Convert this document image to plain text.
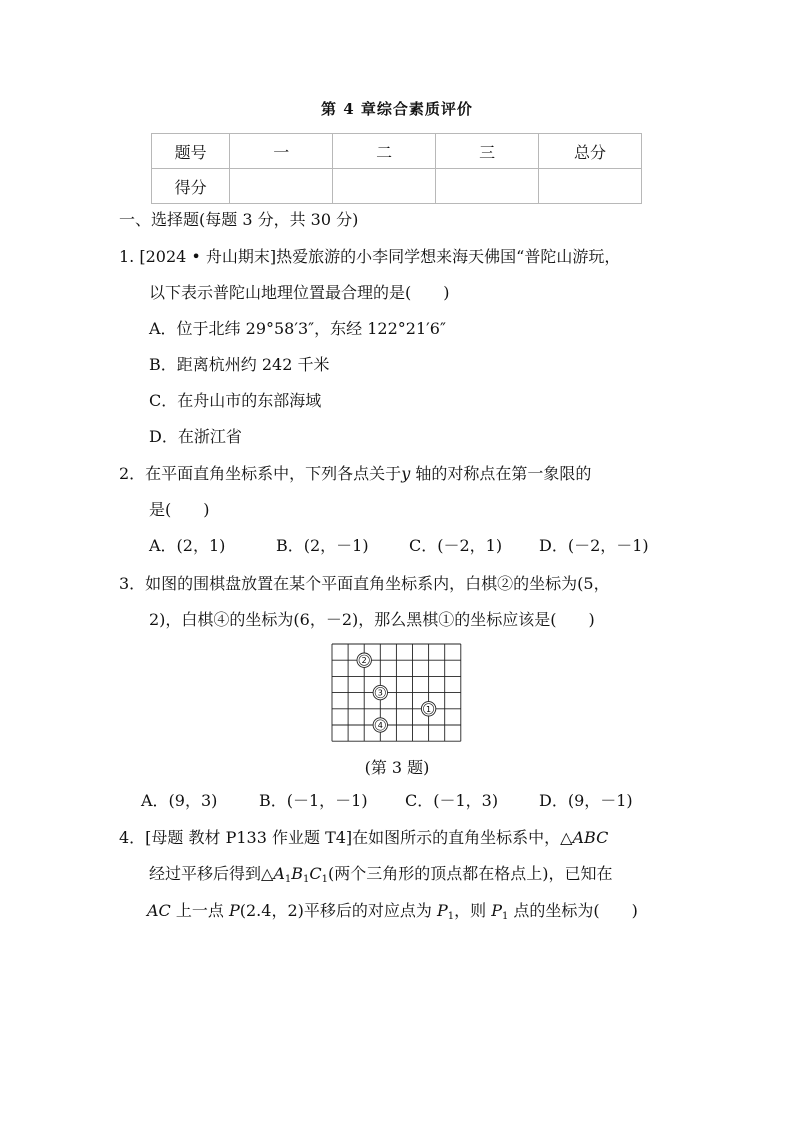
第 4 章综合素质评价
题号	一	二	三	总分
得分				
一、选择题(每题 3 分，共 30 分)
1. [2024 • 舟山期末]热爱旅游的小李同学想来海天佛国“普陀山游玩，
以下表示普陀山地理位置最合理的是(　　)
A．位于北纬 29°58′3″，东经 122°21′6″
B．距离杭州约 242 千米
C．在舟山市的东部海域
D．在浙江省
2．在平面直角坐标系中，下列各点关于y 轴的对称点在第一象限的
是(　　)
A．(2，1)	B．(2，－1)	C．(－2，1) D．(－2，－1)
3．如图的围棋盘放置在某个平面直角坐标系内，白棋②的坐标为(5，
2)，白棋④的坐标为(6，－2)，那么黑棋①的坐标应该是(　　)
2
3
1
4
(第 3 题)
A．(9，3)	B．(－1，－1) C．(－1，3)	D．(9，－1)
4．[母题 教材 P133 作业题 T4]在如图所示的直角坐标系中，△ABC
经过平移后得到$\triangle A_1B_1C_1$(两个三角形的顶点都在格点上)，已知在
AC 上一点 P(2.4，2)平移后的对应点为 $P_1$，则 $P_1$ 点的坐标为(　　)
